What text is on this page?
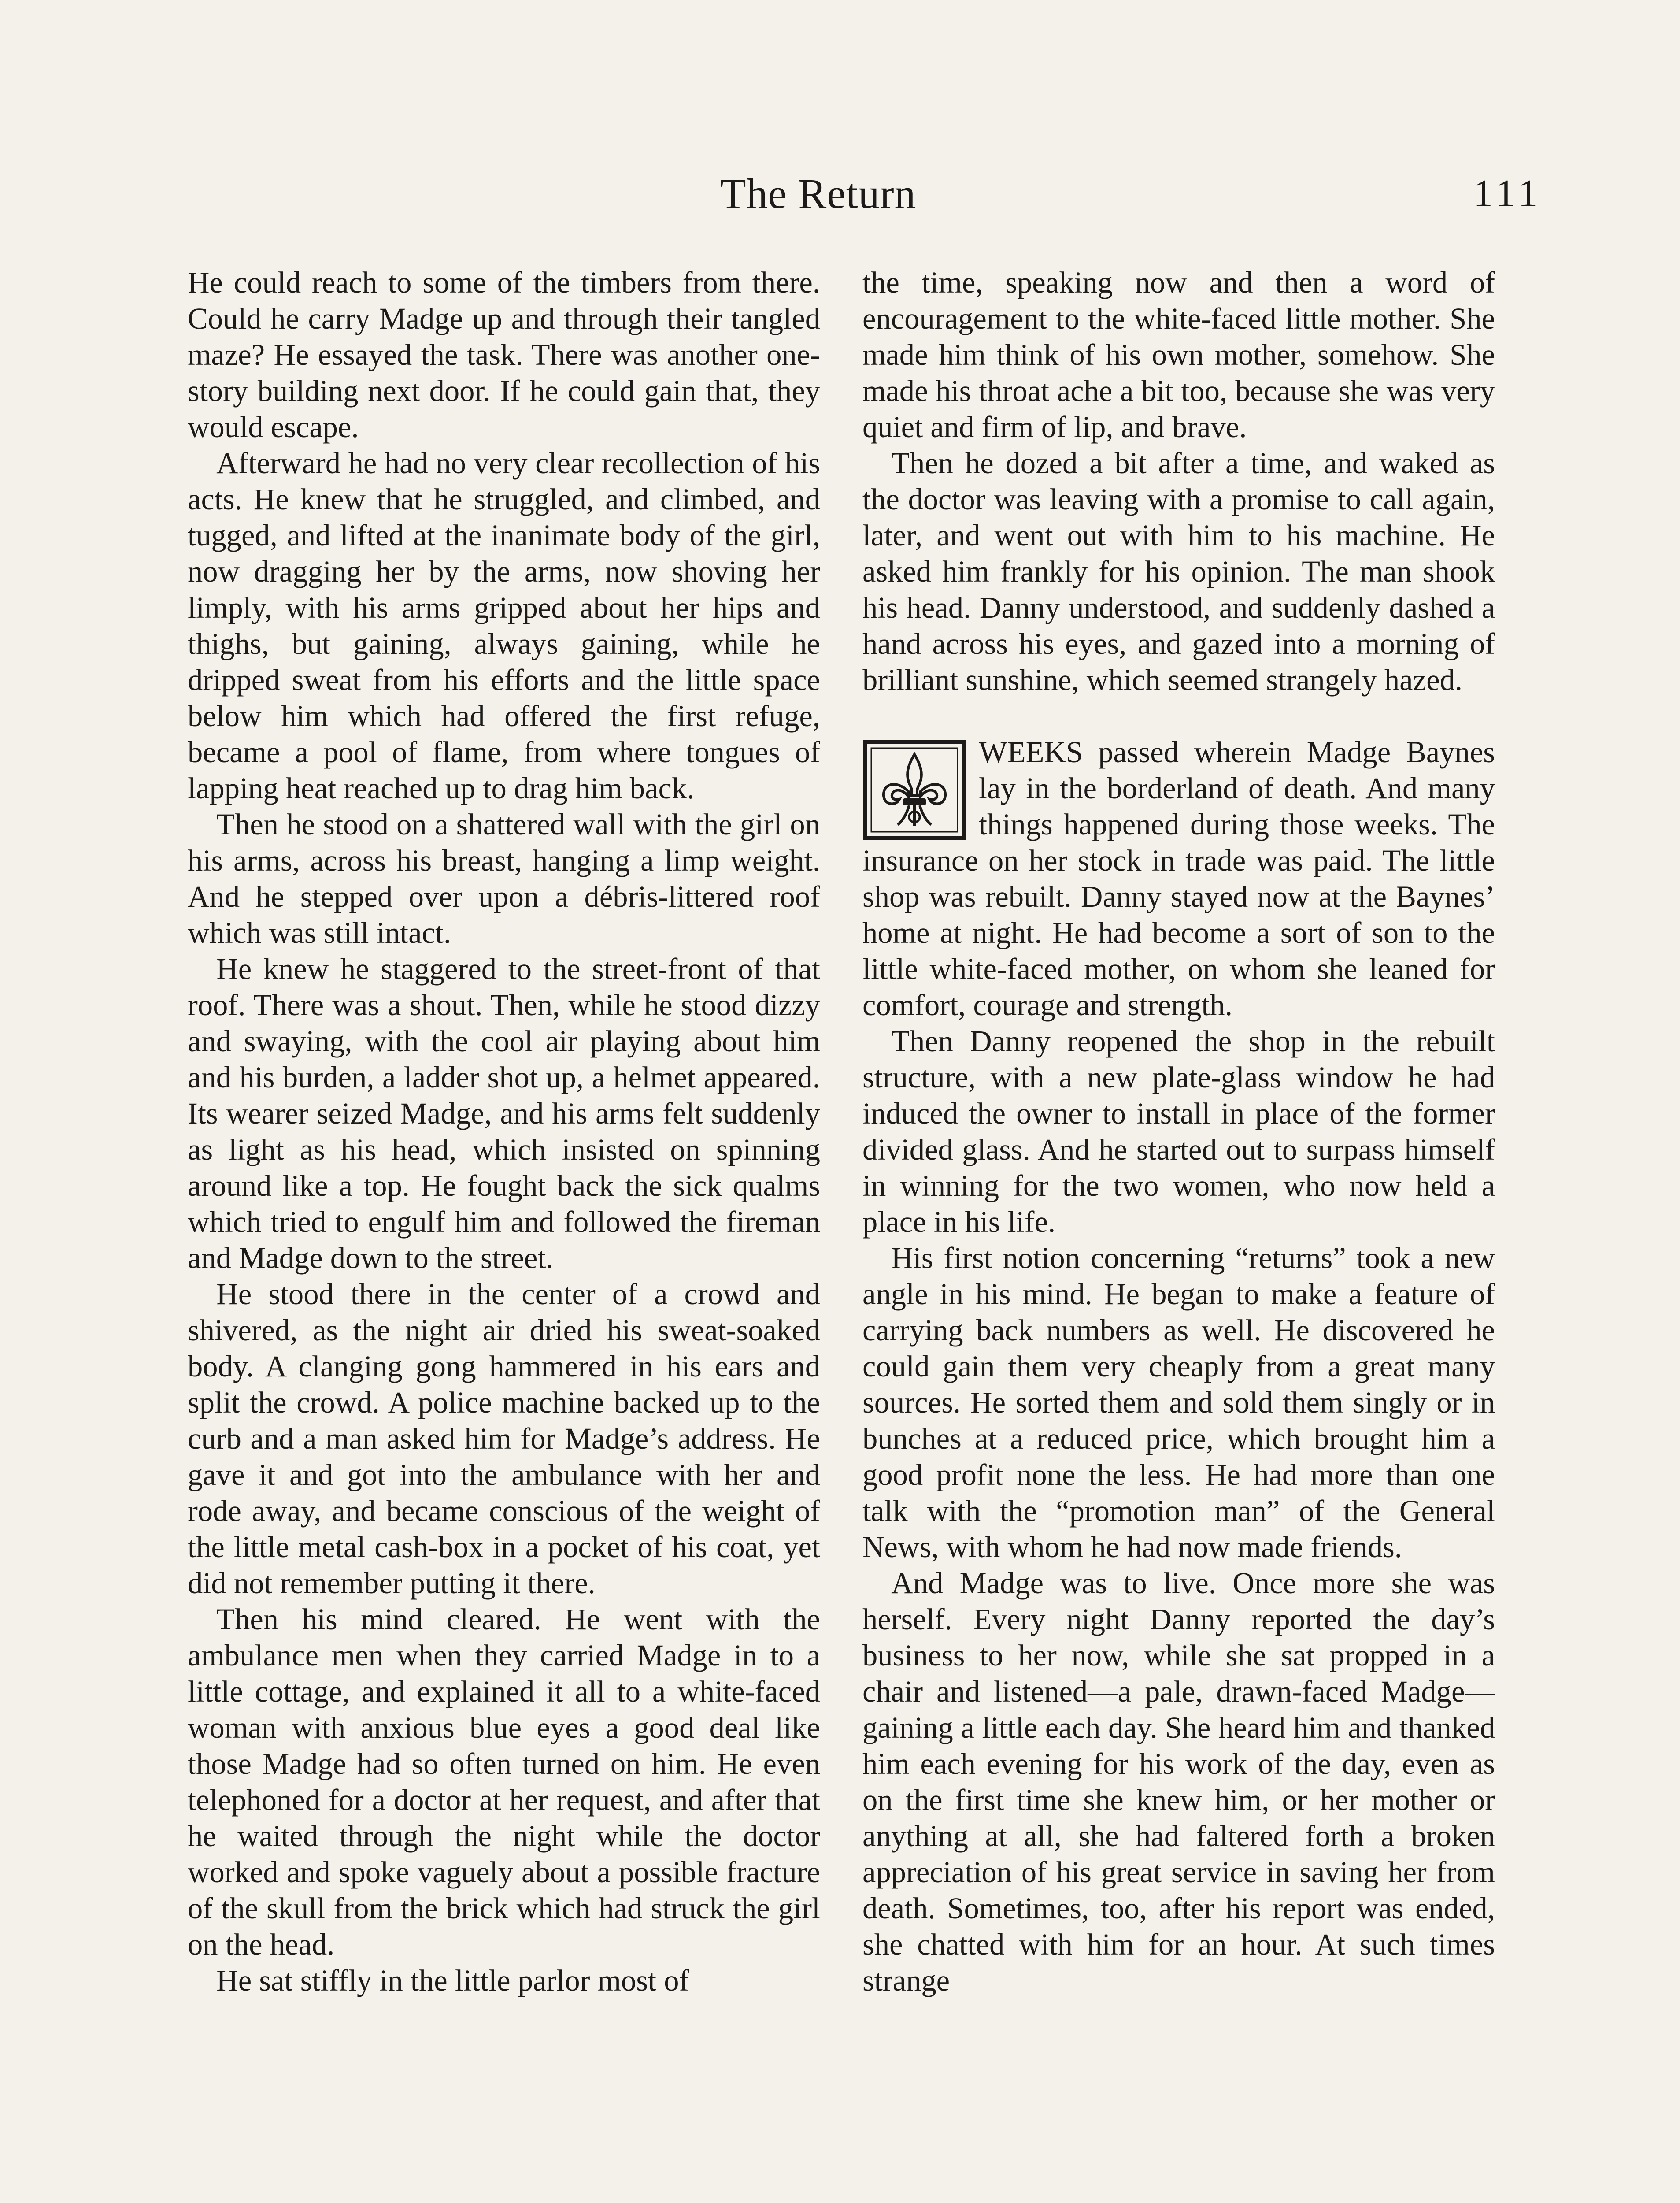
The Return	111

He could reach to some of the timbers from there. Could he carry Madge up and through their tangled maze? He essayed the task. There was another one-story building next door. If he could gain that, they would escape.

Afterward he had no very clear recollection of his acts. He knew that he struggled, and climbed, and tugged, and lifted at the inanimate body of the girl, now dragging her by the arms, now shoving her limply, with his arms gripped about her hips and thighs, but gaining, always gaining, while he dripped sweat from his efforts and the little space below him which had offered the first refuge, became a pool of flame, from where tongues of lapping heat reached up to drag him back.

Then he stood on a shattered wall with the girl on his arms, across his breast, hanging a limp weight. And he stepped over upon a débris-littered roof which was still intact.

He knew he staggered to the street-front of that roof. There was a shout. Then, while he stood dizzy and swaying, with the cool air playing about him and his burden, a ladder shot up, a helmet appeared. Its wearer seized Madge, and his arms felt suddenly as light as his head, which insisted on spinning around like a top. He fought back the sick qualms which tried to engulf him and followed the fireman and Madge down to the street.

He stood there in the center of a crowd and shivered, as the night air dried his sweat-soaked body. A clanging gong hammered in his ears and split the crowd. A police machine backed up to the curb and a man asked him for Madge’s address. He gave it and got into the ambulance with her and rode away, and became conscious of the weight of the little metal cash-box in a pocket of his coat, yet did not remember putting it there.

Then his mind cleared. He went with the ambulance men when they carried Madge in to a little cottage, and explained it all to a white-faced woman with anxious blue eyes a good deal like those Madge had so often turned on him. He even telephoned for a doctor at her request, and after that he waited through the night while the doctor worked and spoke vaguely about a possible fracture of the skull from the brick which had struck the girl on the head.

He sat stiffly in the little parlor most of

the time, speaking now and then a word of encouragement to the white-faced little mother. She made him think of his own mother, somehow. She made his throat ache a bit too, because she was very quiet and firm of lip, and brave.

Then he dozed a bit after a time, and waked as the doctor was leaving with a promise to call again, later, and went out with him to his machine. He asked him frankly for his opinion. The man shook his head. Danny understood, and suddenly dashed a hand across his eyes, and gazed into a morning of brilliant sunshine, which seemed strangely hazed.

WEEKS passed wherein Madge Baynes lay in the borderland of death. And many things happened during those weeks. The insurance on her stock in trade was paid. The little shop was rebuilt. Danny stayed now at the Baynes’ home at night. He had become a sort of son to the little white-faced mother, on whom she leaned for comfort, courage and strength.

Then Danny reopened the shop in the rebuilt structure, with a new plate-glass window he had induced the owner to install in place of the former divided glass. And he started out to surpass himself in winning for the two women, who now held a place in his life.

His first notion concerning “returns” took a new angle in his mind. He began to make a feature of carrying back numbers as well. He discovered he could gain them very cheaply from a great many sources. He sorted them and sold them singly or in bunches at a reduced price, which brought him a good profit none the less. He had more than one talk with the “promotion man” of the General News, with whom he had now made friends.

And Madge was to live. Once more she was herself. Every night Danny reported the day’s business to her now, while she sat propped in a chair and listened—a pale, drawn-faced Madge—gaining a little each day. She heard him and thanked him each evening for his work of the day, even as on the first time she knew him, or her mother or anything at all, she had faltered forth a broken appreciation of his great service in saving her from death. Sometimes, too, after his report was ended, she chatted with him for an hour. At such times strange
